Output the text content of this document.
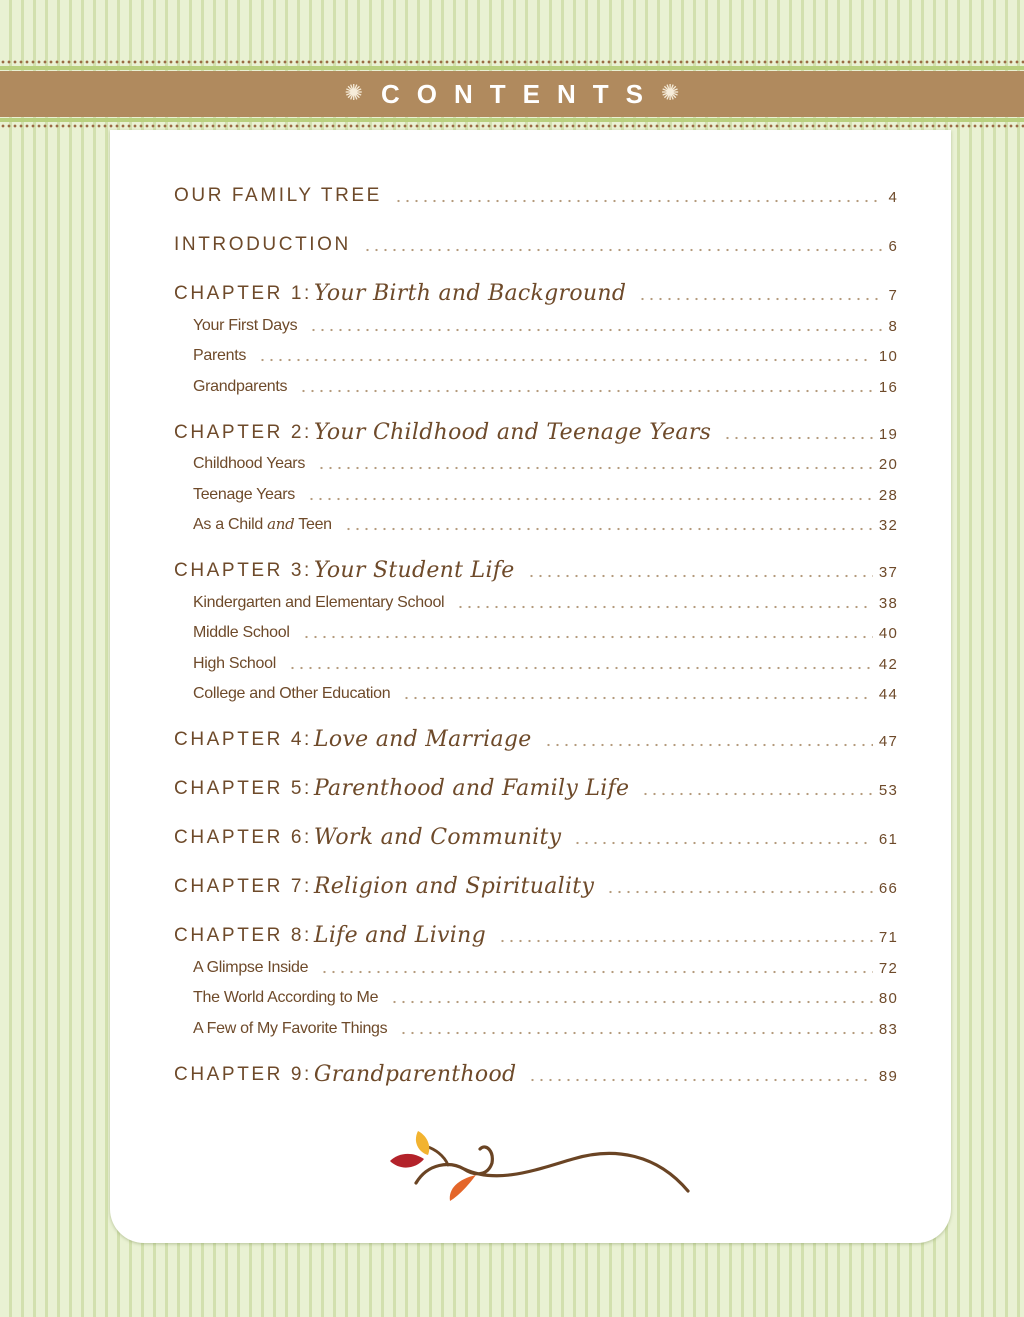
✺ CONTENTS ✺
OUR FAMILY TREE	4
INTRODUCTION	6
CHAPTER 1: Your Birth and Background	7
Your First Days	8
Parents	10
Grandparents	16
CHAPTER 2: Your Childhood and Teenage Years	19
Childhood Years	20
Teenage Years	28
As a Child and Teen	32
CHAPTER 3: Your Student Life	37
Kindergarten and Elementary School	38
Middle School	40
High School	42
College and Other Education	44
CHAPTER 4: Love and Marriage	47
CHAPTER 5: Parenthood and Family Life	53
CHAPTER 6: Work and Community	61
CHAPTER 7: Religion and Spirituality	66
CHAPTER 8: Life and Living	71
A Glimpse Inside	72
The World According to Me	80
A Few of My Favorite Things	83
CHAPTER 9: Grandparenthood	89
